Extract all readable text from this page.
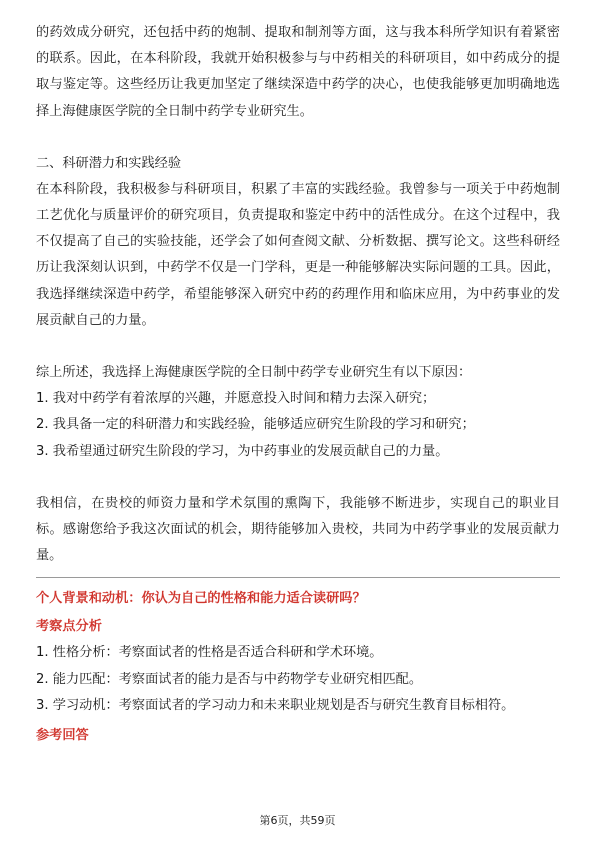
的药效成分研究，还包括中药的炮制、提取和制剂等方面，这与我本科所学知识有着紧密的联系。因此，在本科阶段，我就开始积极参与与中药相关的科研项目，如中药成分的提取与鉴定等。这些经历让我更加坚定了继续深造中药学的决心，也使我能够更加明确地选择上海健康医学院的全日制中药学专业研究生。

二、科研潜力和实践经验

在本科阶段，我积极参与科研项目，积累了丰富的实践经验。我曾参与一项关于中药炮制工艺优化与质量评价的研究项目，负责提取和鉴定中药中的活性成分。在这个过程中，我不仅提高了自己的实验技能，还学会了如何查阅文献、分析数据、撰写论文。这些科研经历让我深刻认识到，中药学不仅是一门学科，更是一种能够解决实际问题的工具。因此，我选择继续深造中药学，希望能够深入研究中药的药理作用和临床应用，为中药事业的发展贡献自己的力量。

综上所述，我选择上海健康医学院的全日制中药学专业研究生有以下原因：

1. 我对中药学有着浓厚的兴趣，并愿意投入时间和精力去深入研究；

2. 我具备一定的科研潜力和实践经验，能够适应研究生阶段的学习和研究；

3. 我希望通过研究生阶段的学习，为中药事业的发展贡献自己的力量。

我相信，在贵校的师资力量和学术氛围的熏陶下，我能够不断进步，实现自己的职业目标。感谢您给予我这次面试的机会，期待能够加入贵校，共同为中药学事业的发展贡献力量。

个人背景和动机：你认为自己的性格和能力适合读研吗？

考察点分析

1. 性格分析：考察面试者的性格是否适合科研和学术环境。

2. 能力匹配：考察面试者的能力是否与中药物学专业研究相匹配。

3. 学习动机：考察面试者的学习动力和未来职业规划是否与研究生教育目标相符。

参考回答

第6页，共59页
